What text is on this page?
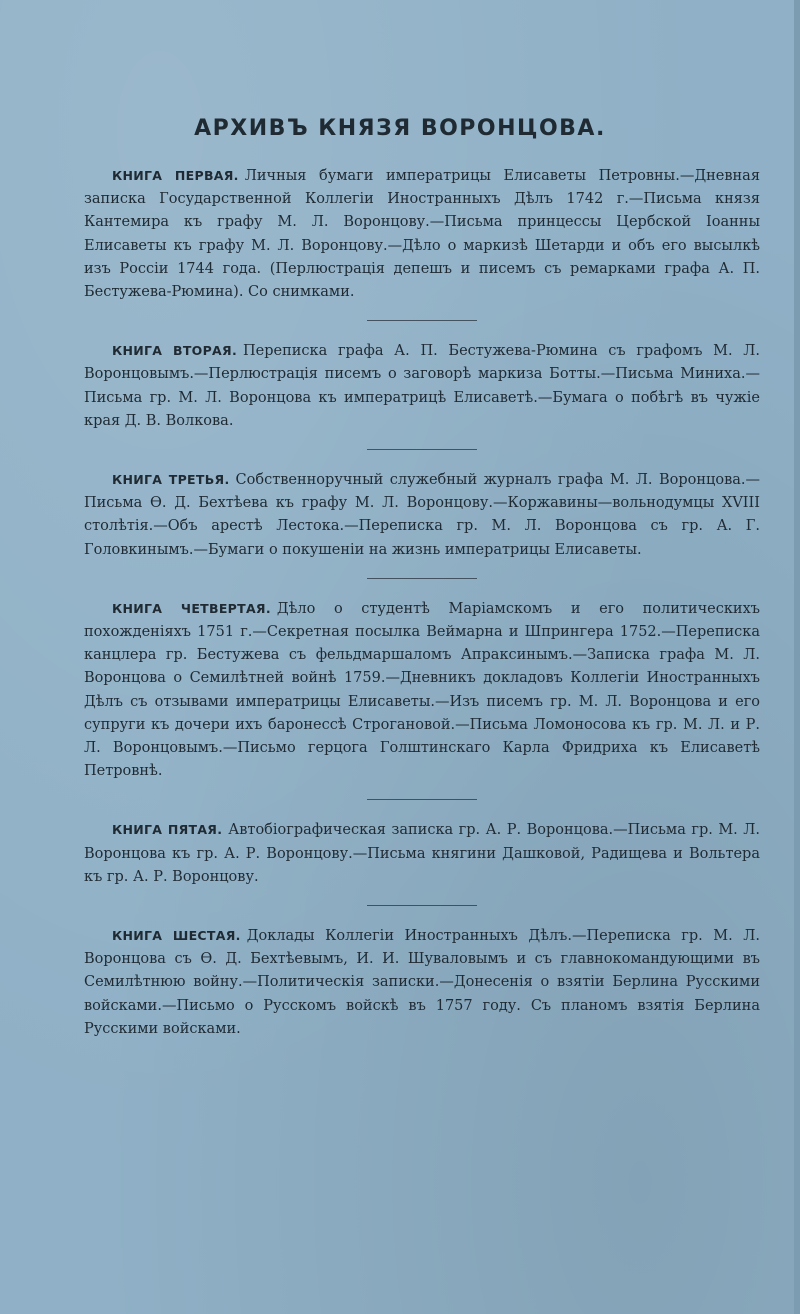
АРХИВЪ КНЯЗЯ ВОРОНЦОВА.

КНИГА ПЕРВАЯ. Личныя бумаги императрицы Елисаветы Петровны.—Дневная записка Государственной Коллегіи Иностранныхъ Дѣлъ 1742 г.—Письма князя Кантемира къ графу М. Л. Воронцову.—Письма принцессы Цербской Іоанны Елисаветы къ графу М. Л. Воронцову.—Дѣло о маркизѣ Шетарди и объ его высылкѣ изъ Россіи 1744 года. (Перлюстрація депешъ и писемъ съ ремарками графа А. П. Бестужева-Рюмина). Со снимками.

КНИГА ВТОРАЯ. Переписка графа А. П. Бестужева-Рюмина съ графомъ М. Л. Воронцовымъ.—Перлюстрація писемъ о заговорѣ маркиза Ботты.—Письма Миниха.—Письма гр. М. Л. Воронцова къ императрицѣ Елисаветѣ.—Бумага о побѣгѣ въ чужіе края Д. В. Волкова.

КНИГА ТРЕТЬЯ. Собственноручный служебный журналъ графа М. Л. Воронцова.—Письма Ѳ. Д. Бехтѣева къ графу М. Л. Воронцову.—Коржавины—вольнодумцы XVIII столѣтія.—Объ арестѣ Лестока.—Переписка гр. М. Л. Воронцова съ гр. А. Г. Головкинымъ.—Бумаги о покушеніи на жизнь императрицы Елисаветы.

КНИГА ЧЕТВЕРТАЯ. Дѣло о студентѣ Маріамскомъ и его политическихъ похожденіяхъ 1751 г.—Секретная посылка Веймарна и Шпрингера 1752.—Переписка канцлера гр. Бестужева съ фельдмаршаломъ Апраксинымъ.—Записка графа М. Л. Воронцова о Семилѣтней войнѣ 1759.—Дневникъ докладовъ Коллегіи Иностранныхъ Дѣлъ съ отзывами императрицы Елисаветы.—Изъ писемъ гр. М. Л. Воронцова и его супруги къ дочери ихъ баронессѣ Строгановой.—Письма Ломоносова къ гр. М. Л. и Р. Л. Воронцовымъ.—Письмо герцога Голштинскаго Карла Фридриха къ Елисаветѣ Петровнѣ.

КНИГА ПЯТАЯ. Автобіографическая записка гр. А. Р. Воронцова.—Письма гр. М. Л. Воронцова къ гр. А. Р. Воронцову.—Письма княгини Дашковой, Радищева и Вольтера къ гр. А. Р. Воронцову.

КНИГА ШЕСТАЯ. Доклады Коллегіи Иностранныхъ Дѣлъ.—Переписка гр. М. Л. Воронцова съ Ѳ. Д. Бехтѣевымъ, И. И. Шуваловымъ и съ главнокомандующими въ Семилѣтнюю войну.—Политическія записки.—Донесенія о взятіи Берлина Русскими войсками.—Письмо о Русскомъ войскѣ въ 1757 году. Съ планомъ взятія Берлина Русскими войсками.
